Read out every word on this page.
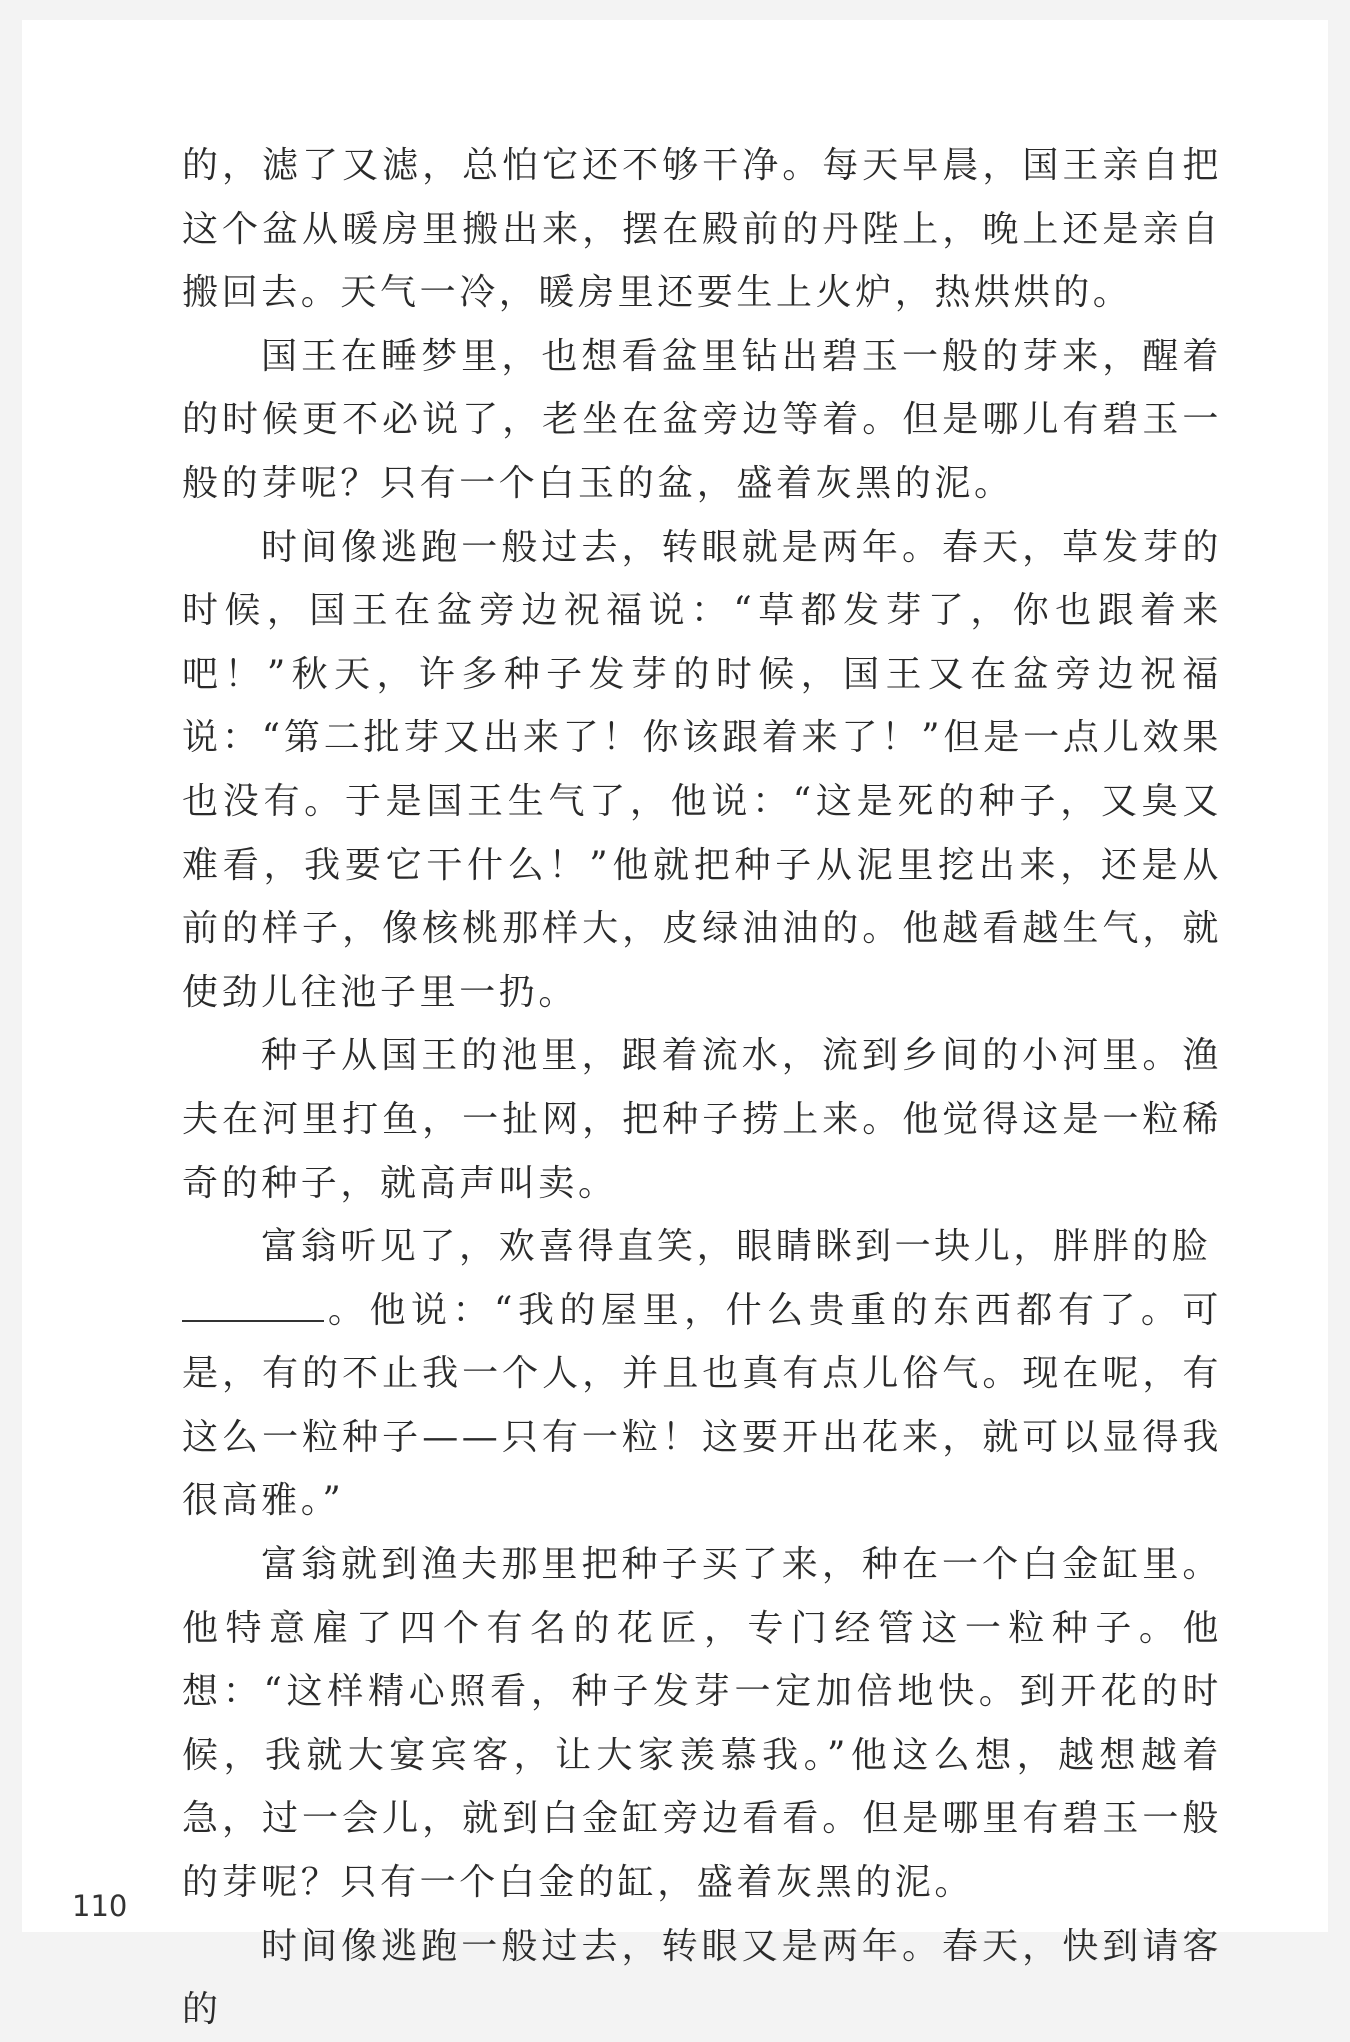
的，滤了又滤，总怕它还不够干净。每天早晨，国王亲自把这个盆从暖房里搬出来，摆在殿前的丹陛上，晚上还是亲自搬回去。天气一冷，暖房里还要生上火炉，热烘烘的。

国王在睡梦里，也想看盆里钻出碧玉一般的芽来，醒着的时候更不必说了，老坐在盆旁边等着。但是哪儿有碧玉一般的芽呢？只有一个白玉的盆，盛着灰黑的泥。

时间像逃跑一般过去，转眼就是两年。春天，草发芽的时候，国王在盆旁边祝福说：“草都发芽了，你也跟着来吧！”秋天，许多种子发芽的时候，国王又在盆旁边祝福说：“第二批芽又出来了！你该跟着来了！”但是一点儿效果也没有。于是国王生气了，他说：“这是死的种子，又臭又难看，我要它干什么！”他就把种子从泥里挖出来，还是从前的样子，像核桃那样大，皮绿油油的。他越看越生气，就使劲儿往池子里一扔。

种子从国王的池里，跟着流水，流到乡间的小河里。渔夫在河里打鱼，一扯网，把种子捞上来。他觉得这是一粒稀奇的种子，就高声叫卖。

富翁听见了，欢喜得直笑，眼睛眯到一块儿，胖胖的脸
。他说：“我的屋里，什么贵重的东西都有了。可是，有的不止我一个人，并且也真有点儿俗气。现在呢，有这么一粒种子——只有一粒！这要开出花来，就可以显得我很高雅。”

富翁就到渔夫那里把种子买了来，种在一个白金缸里。他特意雇了四个有名的花匠，专门经管这一粒种子。他想：“这样精心照看，种子发芽一定加倍地快。到开花的时候，我就大宴宾客，让大家羡慕我。”他这么想，越想越着急，过一会儿，就到白金缸旁边看看。但是哪里有碧玉一般的芽呢？只有一个白金的缸，盛着灰黑的泥。

时间像逃跑一般过去，转眼又是两年。春天，快到请客的

110
